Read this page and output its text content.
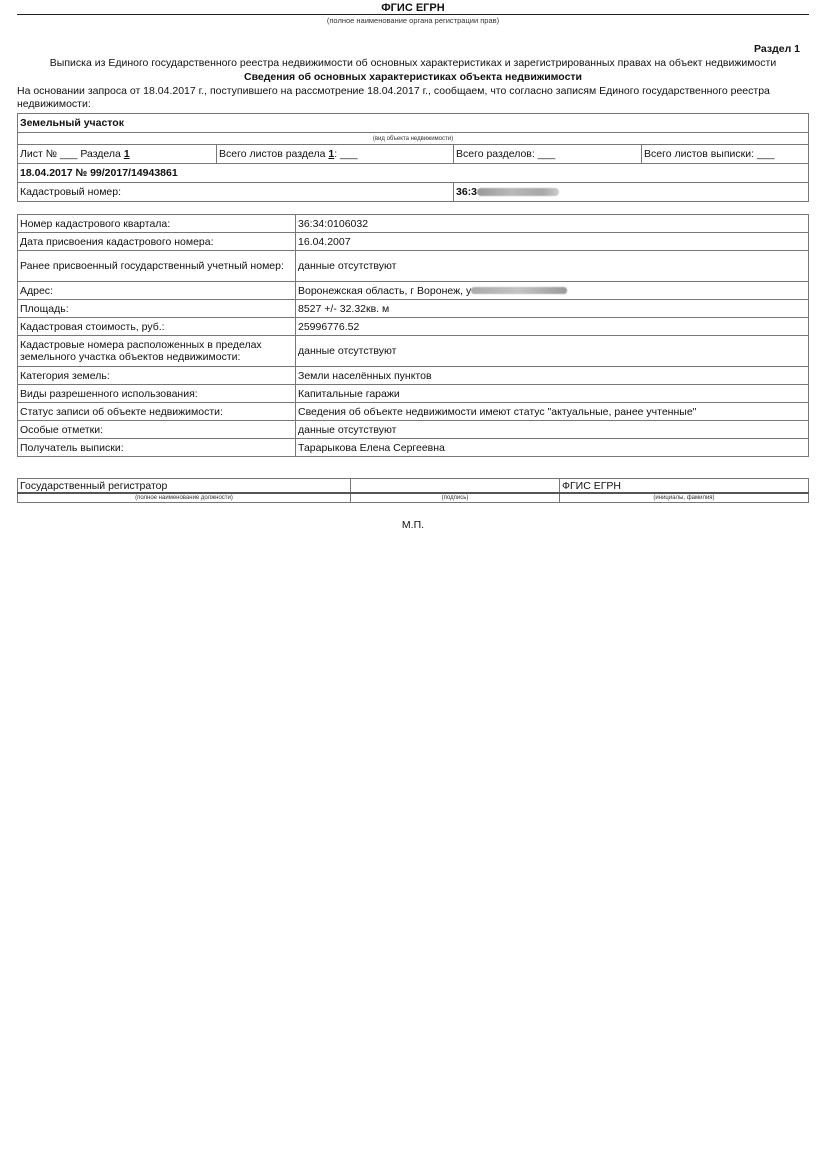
ФГИС ЕГРН
(полное наименование органа регистрации прав)
Раздел 1
Выписка из Единого государственного реестра недвижимости об основных характеристиках и зарегистрированных правах на объект недвижимости
Сведения об основных характеристиках объекта недвижимости
На основании запроса от 18.04.2017 г., поступившего на рассмотрение 18.04.2017 г., сообщаем, что согласно записям Единого государственного реестра недвижимости:
Земельный участок			
(вид объекта недвижимости)			
Лист № ___ Раздела 1	Всего листов раздела 1: ___	Всего разделов: ___	Всего листов выписки: ___
18.04.2017 № 99/2017/14943861			
Кадастровый номер:		36:3	
Номер кадастрового квартала:	36:34:0106032
Дата присвоения кадастрового номера:	16.04.2007
Ранее присвоенный государственный учетный номер:	данные отсутствуют
Адрес:	Воронежская область, г Воронеж, у
Площадь:	8527 +/- 32.32кв. м
Кадастровая стоимость, руб.:	25996776.52
Кадастровые номера расположенных в пределах земельного участка объектов недвижимости:	данные отсутствуют
Категория земель:	Земли населённых пунктов
Виды разрешенного использования:	Капитальные гаражи
Статус записи об объекте недвижимости:	Сведения об объекте недвижимости имеют статус "актуальные, ранее учтенные"
Особые отметки:	данные отсутствуют
Получатель выписки:	Тарарыкова Елена Сергеевна
Государственный регистратор		ФГИС ЕГРН
(полное наименование должности)	(подпись)	(инициалы, фамилия)
М.П.
